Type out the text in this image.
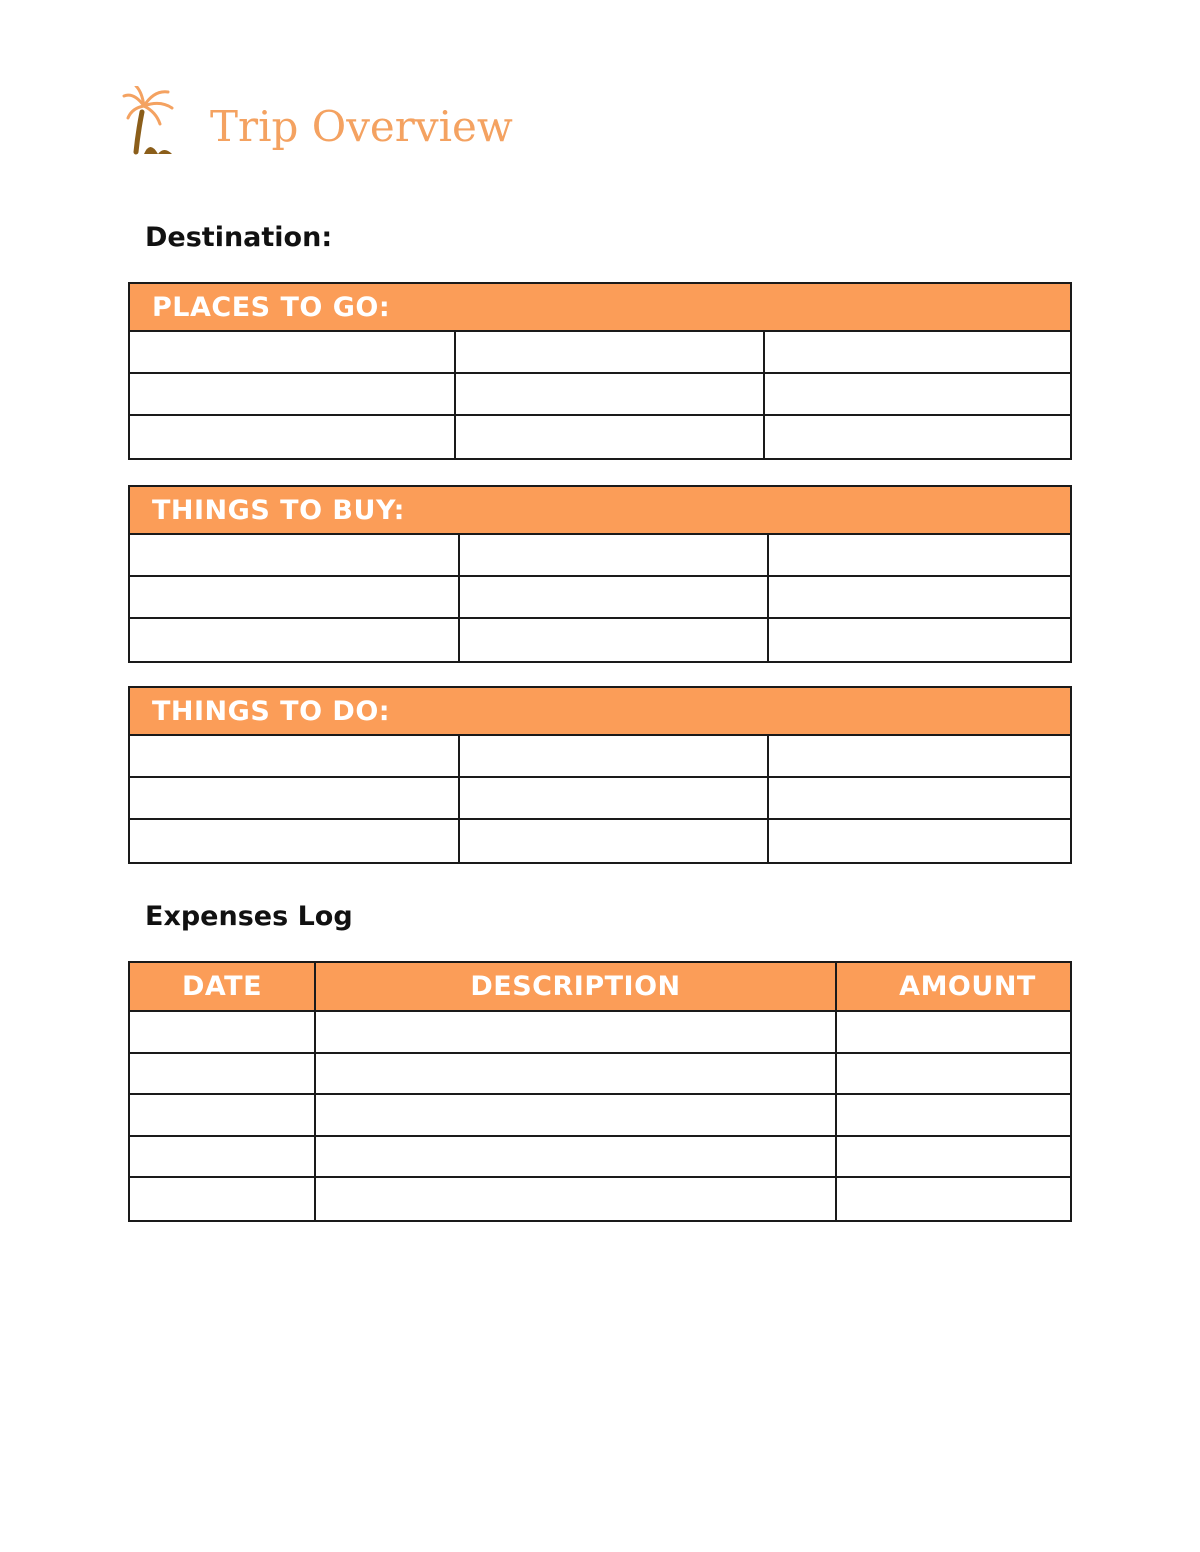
Trip Overview
Destination:
PLACES TO GO:
THINGS TO BUY:
THINGS TO DO:
Expenses Log
DATE	DESCRIPTION	AMOUNT
